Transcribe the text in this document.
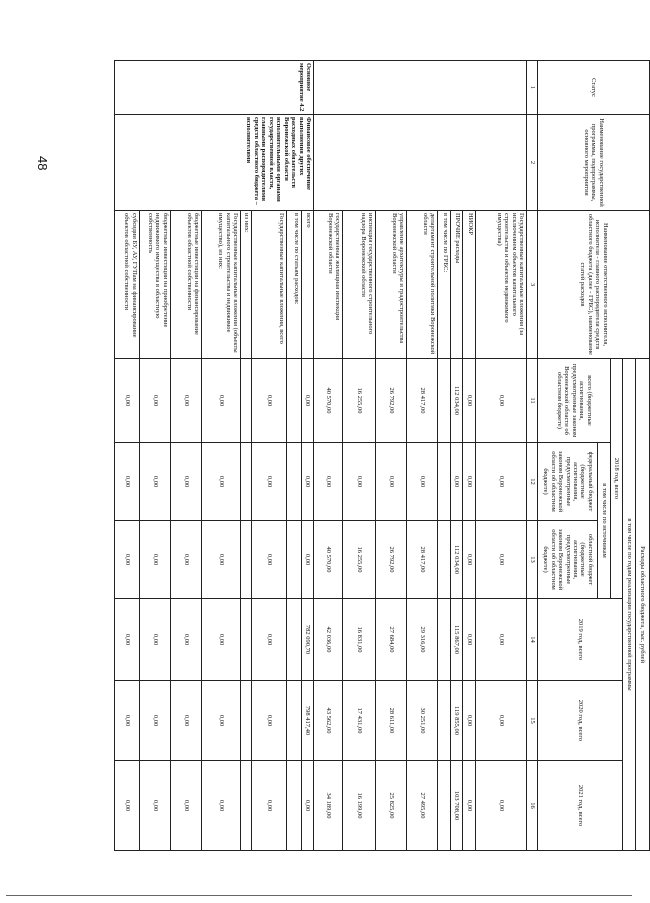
48
Статус	Наименование государственной программы, подпрограммы, основного мероприятия	Наименование ответственного исполнителя, исполнителя - главного распорядителя средств областного бюджета (далее - ГРБС), наименование статей расходов	Расходы областного бюджета, тыс. рублей					
			в том числе по годам реализации государственной программы					
			2018 год, всего			2019 год, всего	2020 год, всего	2021 год, всего
			всего (бюджетные ассигнования, предусмотренные законом Воронежской области об областном бюджете)	в том числе по источникам				
				федеральный бюджет (бюджетные ассигнования, предусмотренные законом Воронежской области об областном бюджете)	областной бюджет (бюджетные ассигнования, предусмотренные законом Воронежской области об областном бюджете)			
1	2	3	11	12	13	14	15	16
		Государственные капитальные вложения (за исключением объектов капитального строительства и объектов недвижимого имущества)	0,00	0,00	0,00	0,00	0,00	0,00
		НИОКР	0,00	0,00	0,00	0,00	0,00	0,00
		ПРОЧИЕ расходы	112 034,00	0,00	112 034,00	115 867,00	119 855,00	103 708,00
		в том числе по ГРБС:						
		департамент строительной политики Воронежской области	28 417,00	0,00	28 417,00	29 316,00	30 251,00	27 495,00
		управление архитектуры и градостроительства Воронежской области	26 792,00	0,00	26 792,00	27 684,00	28 611,00	25 825,00
		инспекция государственного строительного надзора Воронежской области	16 255,00	0,00	16 255,00	16 831,00	17 431,00	16 199,00
		государственная жилищная инспекция Воронежской области	40 570,00	0,00	40 570,00	42 036,00	43 562,00	34 189,00
Основное мероприятие 4.2	Финансовое обеспечение выполнения других расходных обязательств Воронежской области исполнительными органами государственной власти, главными распорядителями средств областного бюджета – исполнителями	всего	0,00	0,00	0,00	782 090,70	798 417,40	0,00
		в том числе по статьям расходов:						
		Государственные капитальные вложения, всего	0,00	0,00	0,00	0,00	0,00	0,00
		из них:						
		Государственные капитальные вложения (объекты капитального строительства и недвижимое имущество), из них:	0,00	0,00	0,00	0,00	0,00	0,00
		бюджетные инвестиции на финансирование объектов областной собственности	0,00	0,00	0,00	0,00	0,00	0,00
		бюджетные инвестиции на приобретение недвижимого имущества в областную собственность	0,00	0,00	0,00	0,00	0,00	0,00
		субсидии БУ, АУ, ГУПам на финансирование объектов областной собственности	0,00	0,00	0,00	0,00	0,00	0,00
